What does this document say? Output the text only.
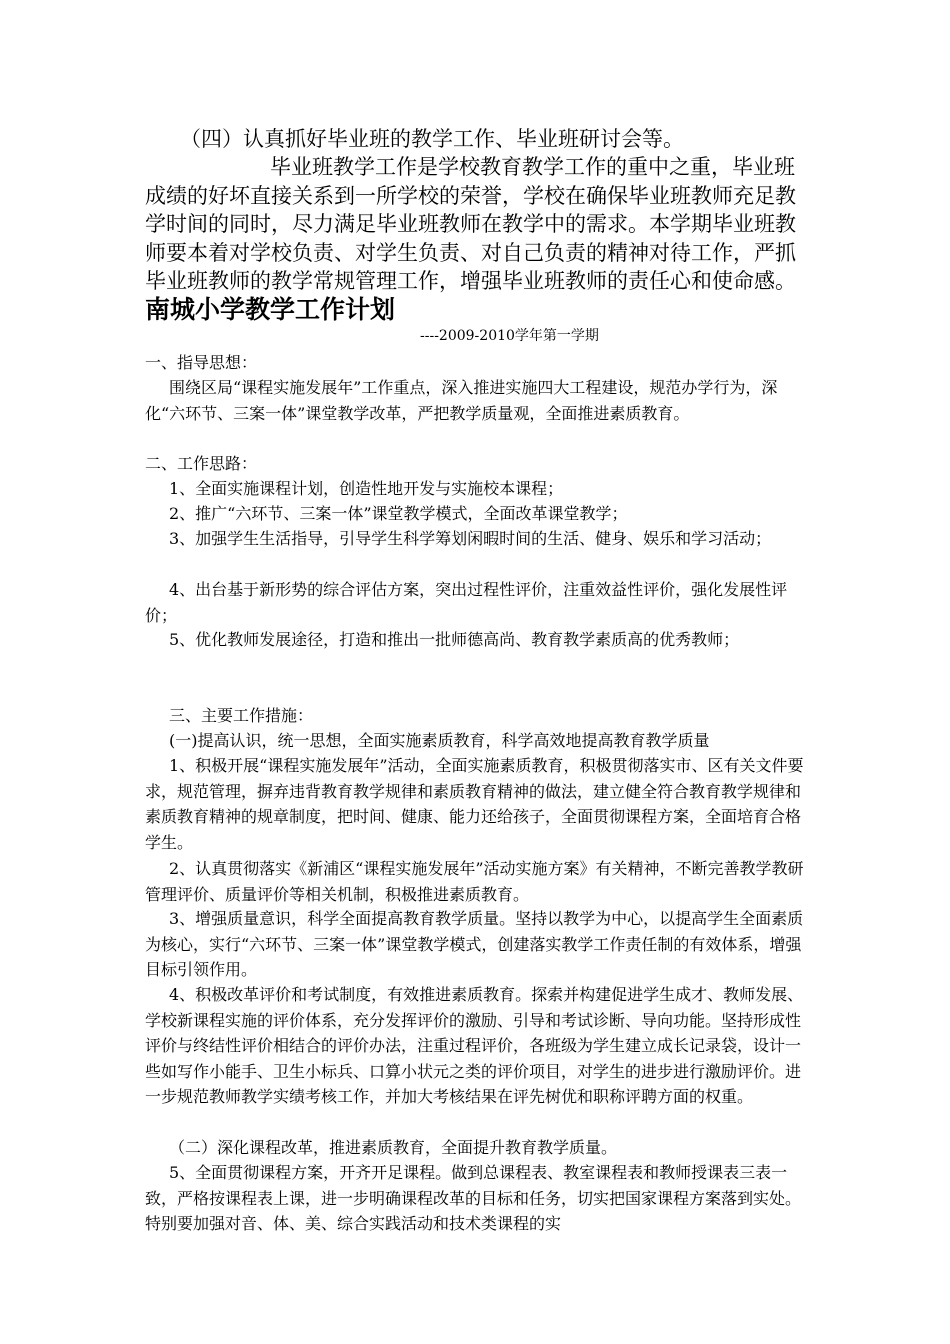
（四）认真抓好毕业班的教学工作、毕业班研讨会等。

毕业班教学工作是学校教育教学工作的重中之重，毕业班成绩的好坏直接关系到一所学校的荣誉，学校在确保毕业班教师充足教学时间的同时，尽力满足毕业班教师在教学中的需求。本学期毕业班教师要本着对学校负责、对学生负责、对自己负责的精神对待工作，严抓毕业班教师的教学常规管理工作，增强毕业班教师的责任心和使命感。南城小学教学工作计划

----2009-2010学年第一学期

一、指导思想：

围绕区局“课程实施发展年”工作重点，深入推进实施四大工程建设，规范办学行为，深化“六环节、三案一体”课堂教学改革，严把教学质量观，全面推进素质教育。

二、工作思路：

1、全面实施课程计划，创造性地开发与实施校本课程；

2、推广“六环节、三案一体”课堂教学模式，全面改革课堂教学；

3、加强学生生活指导，引导学生科学筹划闲暇时间的生活、健身、娱乐和学习活动；

4、出台基于新形势的综合评估方案，突出过程性评价，注重效益性评价，强化发展性评价；

5、优化教师发展途径，打造和推出一批师德高尚、教育教学素质高的优秀教师；

三、主要工作措施：

(一)提高认识，统一思想，全面实施素质教育，科学高效地提高教育教学质量

1、积极开展“课程实施发展年”活动，全面实施素质教育，积极贯彻落实市、区有关文件要求，规范管理，摒弃违背教育教学规律和素质教育精神的做法，建立健全符合教育教学规律和素质教育精神的规章制度，把时间、健康、能力还给孩子，全面贯彻课程方案，全面培育合格学生。

2、认真贯彻落实《新浦区“课程实施发展年”活动实施方案》有关精神，不断完善教学教研管理评价、质量评价等相关机制，积极推进素质教育。

3、增强质量意识，科学全面提高教育教学质量。坚持以教学为中心，以提高学生全面素质为核心，实行“六环节、三案一体”课堂教学模式，创建落实教学工作责任制的有效体系，增强目标引领作用。

4、积极改革评价和考试制度，有效推进素质教育。探索并构建促进学生成才、教师发展、学校新课程实施的评价体系，充分发挥评价的激励、引导和考试诊断、导向功能。坚持形成性评价与终结性评价相结合的评价办法，注重过程评价，各班级为学生建立成长记录袋，设计一些如写作小能手、卫生小标兵、口算小状元之类的评价项目，对学生的进步进行激励评价。进一步规范教师教学实绩考核工作，并加大考核结果在评先树优和职称评聘方面的权重。

（二）深化课程改革，推进素质教育，全面提升教育教学质量。

5、全面贯彻课程方案，开齐开足课程。做到总课程表、教室课程表和教师授课表三表一致，严格按课程表上课，进一步明确课程改革的目标和任务，切实把国家课程方案落到实处。特别要加强对音、体、美、综合实践活动和技术类课程的实
